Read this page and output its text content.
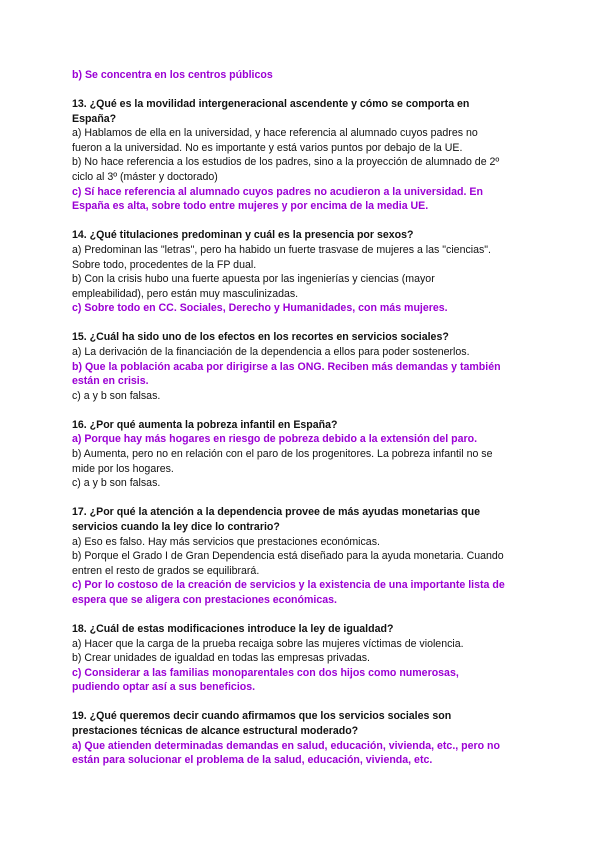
b) Se concentra en los centros públicos

13. ¿Qué es la movilidad intergeneracional ascendente y cómo se comporta en

España?

a) Hablamos de ella en la universidad, y hace referencia al alumnado cuyos padres no

fueron a la universidad. No es importante y está varios puntos por debajo de la UE.

b) No hace referencia a los estudios de los padres, sino a la proyección de alumnado de 2º

ciclo al 3º (máster y doctorado)

c) Sí hace referencia al alumnado cuyos padres no acudieron a la universidad. En

España es alta, sobre todo entre mujeres y por encima de la media UE.

14. ¿Qué titulaciones predominan y cuál es la presencia por sexos?

a) Predominan las "letras", pero ha habido un fuerte trasvase de mujeres a las "ciencias".

Sobre todo, procedentes de la FP dual.

b) Con la crisis hubo una fuerte apuesta por las ingenierías y ciencias (mayor

empleabilidad), pero están muy masculinizadas.

c) Sobre todo en CC. Sociales, Derecho y Humanidades, con más mujeres.

15. ¿Cuál ha sido uno de los efectos en los recortes en servicios sociales?

a) La derivación de la financiación de la dependencia a ellos para poder sostenerlos.

b) Que la población acaba por dirigirse a las ONG. Reciben más demandas y también

están en crisis.

c) a y b son falsas.

16. ¿Por qué aumenta la pobreza infantil en España?

a) Porque hay más hogares en riesgo de pobreza debido a la extensión del paro.

b) Aumenta, pero no en relación con el paro de los progenitores. La pobreza infantil no se

mide por los hogares.

c) a y b son falsas.

17. ¿Por qué la atención a la dependencia provee de más ayudas monetarias que

servicios cuando la ley dice lo contrario?

a) Eso es falso. Hay más servicios que prestaciones económicas.

b) Porque el Grado I de Gran Dependencia está diseñado para la ayuda monetaria. Cuando

entren el resto de grados se equilibrará.

c) Por lo costoso de la creación de servicios y la existencia de una importante lista de

espera que se aligera con prestaciones económicas.

18. ¿Cuál de estas modificaciones introduce la ley de igualdad?

a) Hacer que la carga de la prueba recaiga sobre las mujeres víctimas de violencia.

b) Crear unidades de igualdad en todas las empresas privadas.

c) Considerar a las familias monoparentales con dos hijos como numerosas,

pudiendo optar así a sus beneficios.

19. ¿Qué queremos decir cuando afirmamos que los servicios sociales son

prestaciones técnicas de alcance estructural moderado?

a) Que atienden determinadas demandas en salud, educación, vivienda, etc., pero no

están para solucionar el problema de la salud, educación, vivienda, etc.
